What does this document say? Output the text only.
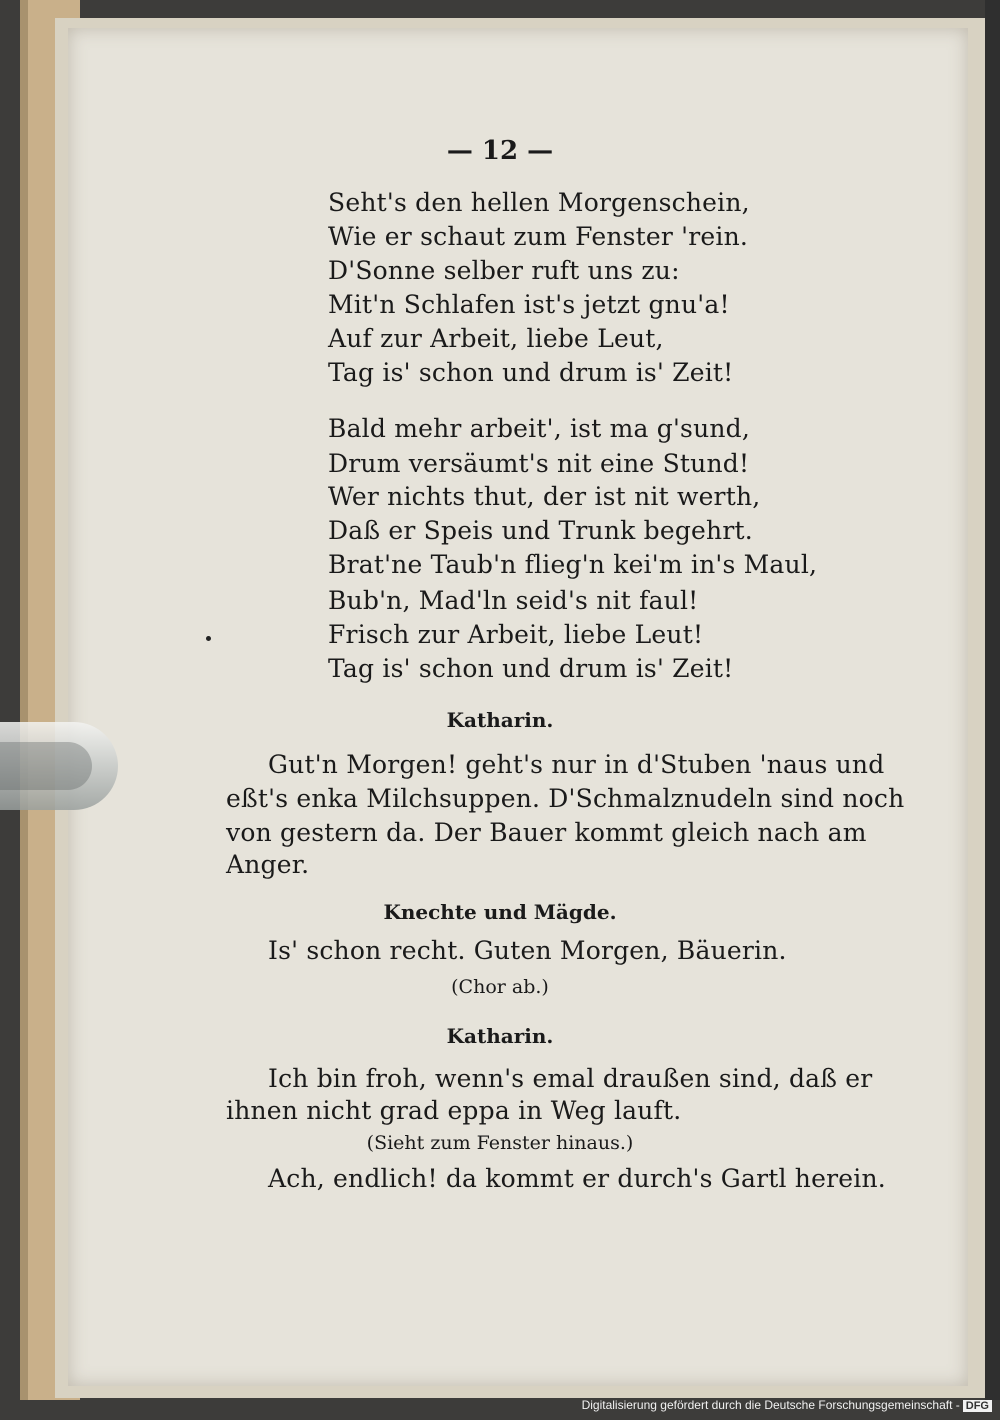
— 12 —
Seht's den hellen Morgenschein,
Wie er schaut zum Fenster 'rein.
D'Sonne selber ruft uns zu:
Mit'n Schlafen ist's jetzt gnu'a!
Auf zur Arbeit, liebe Leut,
Tag is' schon und drum is' Zeit!
Bald mehr arbeit', ist ma g'sund,
Drum versäumt's nit eine Stund!
Wer nichts thut, der ist nit werth,
Daß er Speis und Trunk begehrt.
Brat'ne Taub'n flieg'n kei'm in's Maul,
Bub'n, Mad'ln seid's nit faul!
Frisch zur Arbeit, liebe Leut!
Tag is' schon und drum is' Zeit!
Katharin.
Gut'n Morgen! geht's nur in d'Stuben 'naus und
eßt's enka Milchsuppen. D'Schmalznudeln sind noch
von gestern da. Der Bauer kommt gleich nach am
Anger.
Knechte und Mägde.
Is' schon recht. Guten Morgen, Bäuerin.
(Chor ab.)
Katharin.
Ich bin froh, wenn's emal draußen sind, daß er
ihnen nicht grad eppa in Weg lauft.
(Sieht zum Fenster hinaus.)
Ach, endlich! da kommt er durch's Gartl herein.
Digitalisierung gefördert durch die Deutsche Forschungsgemeinschaft - DFG
